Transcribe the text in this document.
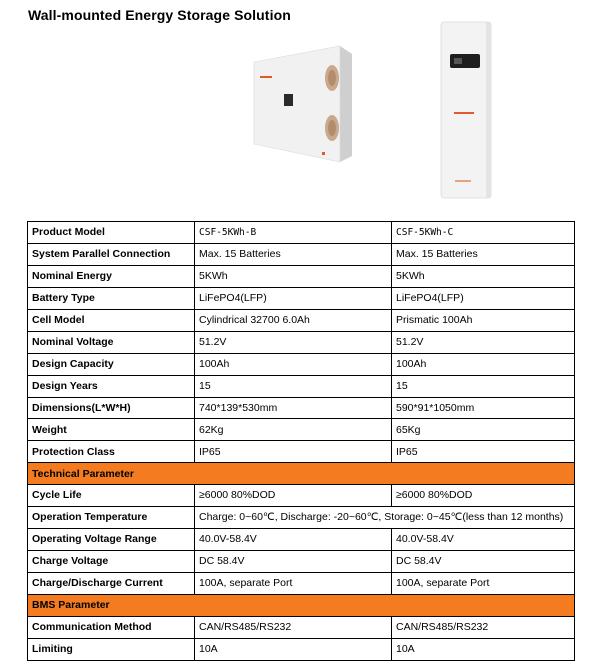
Wall-mounted Energy Storage Solution
Product Model	CSF-5KWh-B	CSF-5KWh-C
System Parallel Connection	Max. 15 Batteries	Max. 15 Batteries
Nominal Energy	5KWh	5KWh
Battery Type	LiFePO4(LFP)	LiFePO4(LFP)
Cell Model	Cylindrical 32700 6.0Ah	Prismatic 100Ah
Nominal Voltage	51.2V	51.2V
Design Capacity	100Ah	100Ah
Design Years	15	15
Dimensions(L*W*H)	740*139*530mm	590*91*1050mm
Weight	62Kg	65Kg
Protection Class	IP65	IP65
Technical Parameter		
Cycle Life	≥6000 80%DOD	≥6000 80%DOD
Operation Temperature	Charge: 0~60℃, Discharge: -20~60℃, Storage: 0~45℃(less than 12 months)	
Operating Voltage Range	40.0V-58.4V	40.0V-58.4V
Charge Voltage	DC 58.4V	DC 58.4V
Charge/Discharge Current	100A, separate Port	100A, separate Port
BMS Parameter		
Communication Method	CAN/RS485/RS232	CAN/RS485/RS232
Limiting	10A	10A
